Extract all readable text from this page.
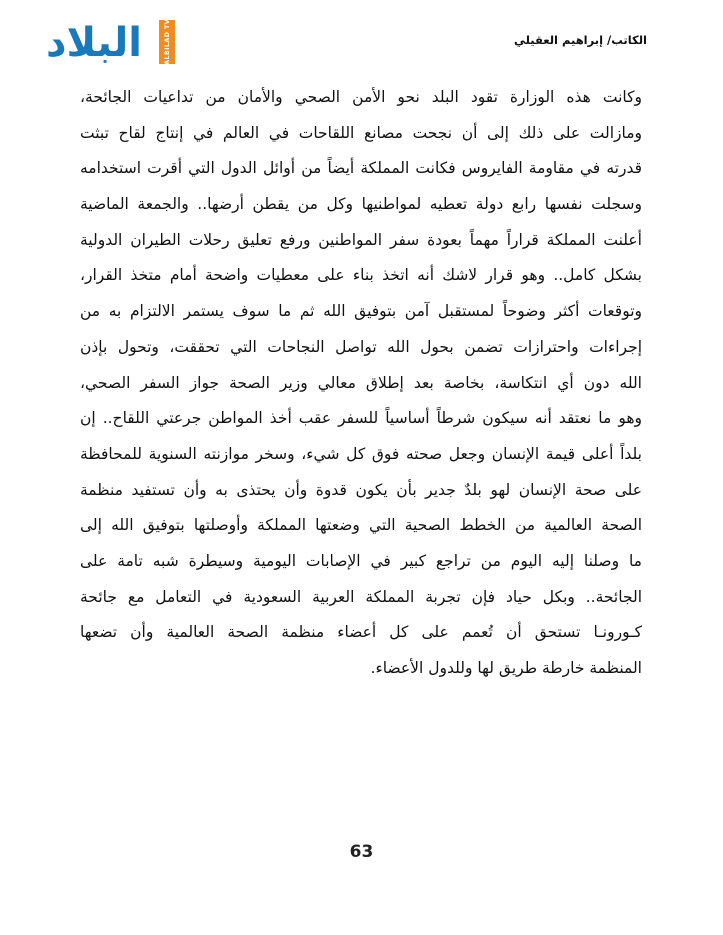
البلاد	ALBILAD TV	الكاتب/ إبراهيم العقيلي
وكانت هذه الوزارة تقود البلد نحو الأمن الصحي والأمان من تداعيات الجائحة،
ومازالت على ذلك إلى أن نجحت مصانع اللقاحات في العالم في إنتاج لقاح تبثت
قدرته في مقاومة الفايروس فكانت المملكة أيضاً من أوائل الدول التي أقرت استخدامه
وسجلت نفسها رابع دولة تعطيه لمواطنيها وكل من يقطن أرضها.. والجمعة الماضية
أعلنت المملكة قراراً مهماً بعودة سفر المواطنين ورفع تعليق رحلات الطيران الدولية
بشكل كامل.. وهو قرار لاشك أنه اتخذ بناء على معطيات واضحة أمام متخذ القرار،
وتوقعات أكثر وضوحاً لمستقبل آمن بتوفيق الله ثم ما سوف يستمر الالتزام به من
إجراءات واحترازات تضمن بحول الله تواصل النجاحات التي تحققت، وتحول بإذن
الله دون أي انتكاسة، بخاصة بعد إطلاق معالي وزير الصحة جواز السفر الصحي،
وهو ما نعتقد أنه سيكون شرطاً أساسياً للسفر عقب أخذ المواطن جرعتي اللقاح.. إن
بلداً أعلى قيمة الإنسان وجعل صحته فوق كل شيء، وسخر موازنته السنوية للمحافظة
على صحة الإنسان لهو بلدٌ جدير بأن يكون قدوة وأن يحتذى به وأن تستفيد منظمة
الصحة العالمية من الخطط الصحية التي وضعتها المملكة وأوصلتها بتوفيق الله إلى
ما وصلنا إليه اليوم من تراجع كبير في الإصابات اليومية وسيطرة شبه تامة على
الجائحة.. وبكل حياد فإن تجربة المملكة العربية السعودية في التعامل مع جائحة
كـورونـا تستحق أن تُعمم على كل أعضاء منظمة الصحة العالمية وأن تضعها
المنظمة خارطة طريق لها وللدول الأعضاء.
63
